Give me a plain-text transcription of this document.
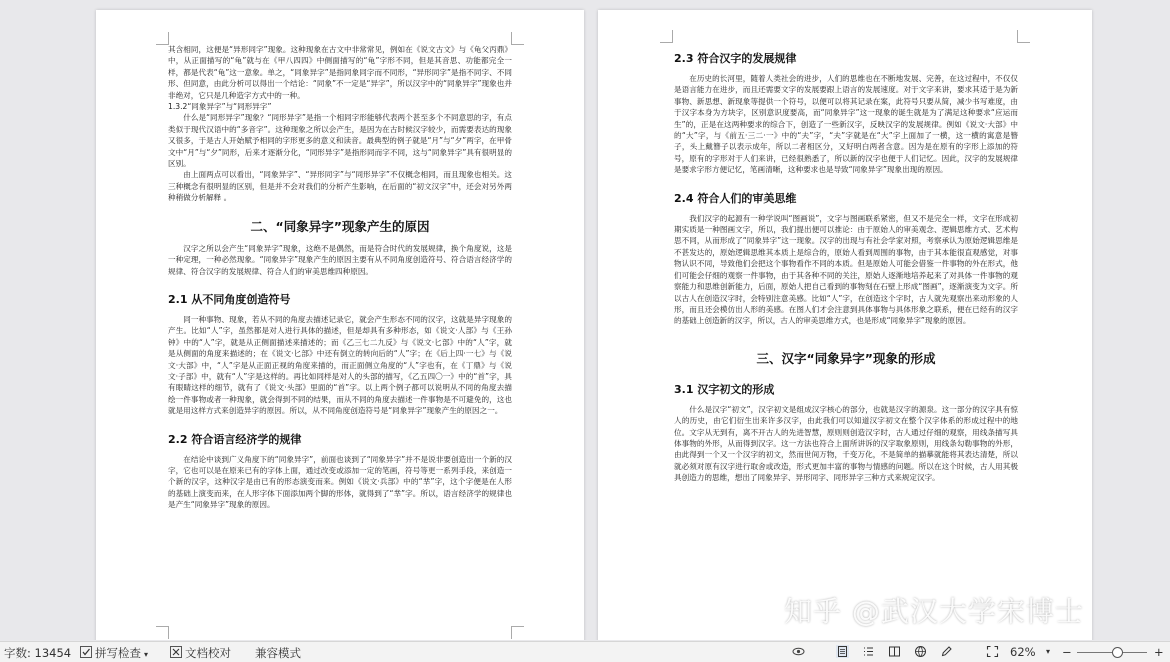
其含相同，这便是“异形同字”现象。这种现象在古文中非常常见，例如在《说文古文》与《龟父丙鼎》中，从正面描写的“龟”就与在《甲八四四》中侧面描写的“龟”字形不同，但是其音思、功能都完全一样，都是代表“龟”这一意象。单之，“同象异字”是指同象同字而不同形，“异形同字”是指不同字、不同形、但同意，由此分析可以得出一个结论：“同象”不一定是“异字”，所以汉字中的“同象异字”现象也并非绝对，它只是几种造字方式中的一种。

1.3.2“同象异字”与“同形异字”

什么是“同形异字”现象？“同形异字”是指一个相同字形能够代表两个甚至多个不同意思的字，有点类似于现代汉语中的“多音字”。这种现象之所以会产生，是因为在古时候汉字较少，而需要表达的现象又很多，于是古人开始赋予相同的字形更多的意义和读音。最典型的例子就是“月”与“夕”两字，在甲骨文中“月”与“夕”同形，后来才逐渐分化，“同形异字”是指形同而字不同，这与“同象异字”具有很明显的区别。

由上面两点可以看出，“同象异字”、“异形同字”与“同形异字”不仅概念相同，而且现象也相关。这三种概念有很明显的区别，但是并不会对我们的分析产生影响，在后面的“初文汉字”中，还会对另外两种稍做分析解释 。

二、“同象异字”现象产生的原因

汉字之所以会产生“同象异字”现象，这绝不是偶然，而是符合时代的发展规律，换个角度说，这是一种定理，一种必然现象。“同象异字”现象产生的原因主要有从不同角度创造符号、符合语言经济学的规律、符合汉字的发展规律、符合人们的审美思维四种原因。

2.1 从不同角度创造符号

同一种事物、现象，若从不同的角度去描述记录它，就会产生形态不同的汉字，这就是异字现象的产生。比如“人”字，虽然都是对人进行具体的描述，但是却具有多种形态，如《说文·人部》与《王孙钟》中的“人”字，就是从正侧面描述来描述的；而《乙三七二九反》与《说文·匕部》中的“人”字，就是从侧面的角度来描述的；在《说文·匕部》中还有倒立的转向后的“人”字；在《后上四·一七》与《说文·大部》中，“人”字是从正面正视的角度来描的，而正面侧立角度的“人”字也有，在《丁鼎》与《说文·子部》中，就有“人”字是这样的。再比如同样是对人的头部的描写，《乙五四〇一》中的“首”字，具有眼睛这样的细节，就有了《说文·头部》里面的“首”字。以上两个例子都可以说明从不同的角度去描绘一件事物或者一种现象，就会得到不同的结果，而从不同的角度去描述一件事物是不可避免的，这也就是用这样方式来创造异字的原因。所以，从不同角度创造符号是“同象异字”现象产生的原因之一。

2.2 符合语言经济学的规律

在结论中谈到广义角度下的“同象异字”，前面也谈到了“同象异字”并不是说非要创造出一个新的汉字，它也可以是在原来已有的字体上面，通过改变或添加一定的笔画，符号等更一系列手段，来创造一个新的汉字，这种汉字是由已有的形态演变而来。例如《说文·兵部》中的“丵”字，这个字便是在人形的基础上演变而来，在人形字体下面添加两个脚的形体，就得到了“丵”字。所以，语言经济学的规律也是产生“同象异字”现象的原因。

2.3 符合汉字的发展规律

在历史的长河里，随着人类社会的进步，人们的思维也在不断地发展、完善，在这过程中，不仅仅是语言能力在进步，而且还需要文字的发展要跟上语言的发展速度。对于文字来讲，要求其适于是为新事物、新思想、新现象等提供一个符号，以便可以将其记录在案，此符号只要从简，减少书写难度，由于汉字本身为方块字，区别意识度要高，而“同象异字”这一现象的诞生就是为了满足这种要求“应运而生”的，正是在这两种要求的综合下，创造了一些新汉字，反映汉字的发展规律。例如《说文·大部》中的“大”字，与《前五·三二·一》中的“夫”字，“夫”字就是在“大”字上面加了一横，这一横的寓意是簪子，头上戴簪子以表示成年，所以二者相区分，又好明白两者含意。因为是在原有的字形上添加的符号，原有的字形对于人们来讲，已经很熟悉了，所以新的汉字也便于人们记忆。因此，汉字的发展规律是要求字形方便记忆，笔画清晰，这种要求也是导致“同象异字”现象出现的原因。

2.4 符合人们的审美思维

我们汉字的起源有一种学说叫“图画说”，文字与图画联系紧密，但又不是完全一样，文字在形成初期实质是一种图画文字，所以，我们提出便可以推论：由于原始人的审美观念、逻辑思维方式、艺术构思不同，从而形成了“同象异字”这一现象。汉字的出现与有社会学家对照，考察承认为原始逻辑思维是不甚发达的，原始逻辑思维其本质上是综合的，原始人看到周围的事物，由于其本能很直观感觉，对事物认识不同，导致他们会把这个事物看作不同的本质。但是原始人可能会借鉴一件事物的外在形式，他们可能会仔细的观察一件事物，由于其各种不同的关注，原始人逐渐地培养起来了对具体一件事物的观察能力和思维创新能力，后面，原始人把自己看到的事物刻在石壁上形成“图画”，逐渐演变为文字。所以古人在创造汉字时，会特别注意美感。比如“人”字，在创造这个字时，古人就先观察出来动形象的人形，而且还会模仿出人形的美感。在图人们才会注意到具体事物与具体形象之联系，便在已经有的汉字的基础上创造新的汉字，所以，古人的审美思维方式，也是形成“同象异字”现象的原因。

三、汉字“同象异字”现象的形成
3.1 汉字初文的形成

什么是汉字“初文”，汉字初文是组成汉字核心的部分，也就是汉字的源泉。这一部分的汉字具有惊人的历史，由它们衍生出来许多汉字，由此我们可以知道汉字初文在整个汉字体系的形成过程中的地位。文字从无到有，离不开古人的先进智慧，原则则创造汉字时，古人通过仔细的观察，用线条描写具体事物的外形，从而得到汉字。这一方法也符合上面所讲诉的汉字取象原则，用线条勾勒事物的外形，由此得到一个又一个汉字的初文，然而世间万物，千变万化，不是简单的描摹就能将其表达清楚，所以就必须对原有汉字进行取舍或改造，形式更加丰富的事物与情感的问题。所以在这个时候，古人用其极具创造力的思维，想出了同象异字、异形同字、同形异字三种方式来规定汉字。

知乎 @武汉大学宋博士
字数: 13454	拼写检查 ▾	文档校对 兼容模式	62% ▾ −	+
